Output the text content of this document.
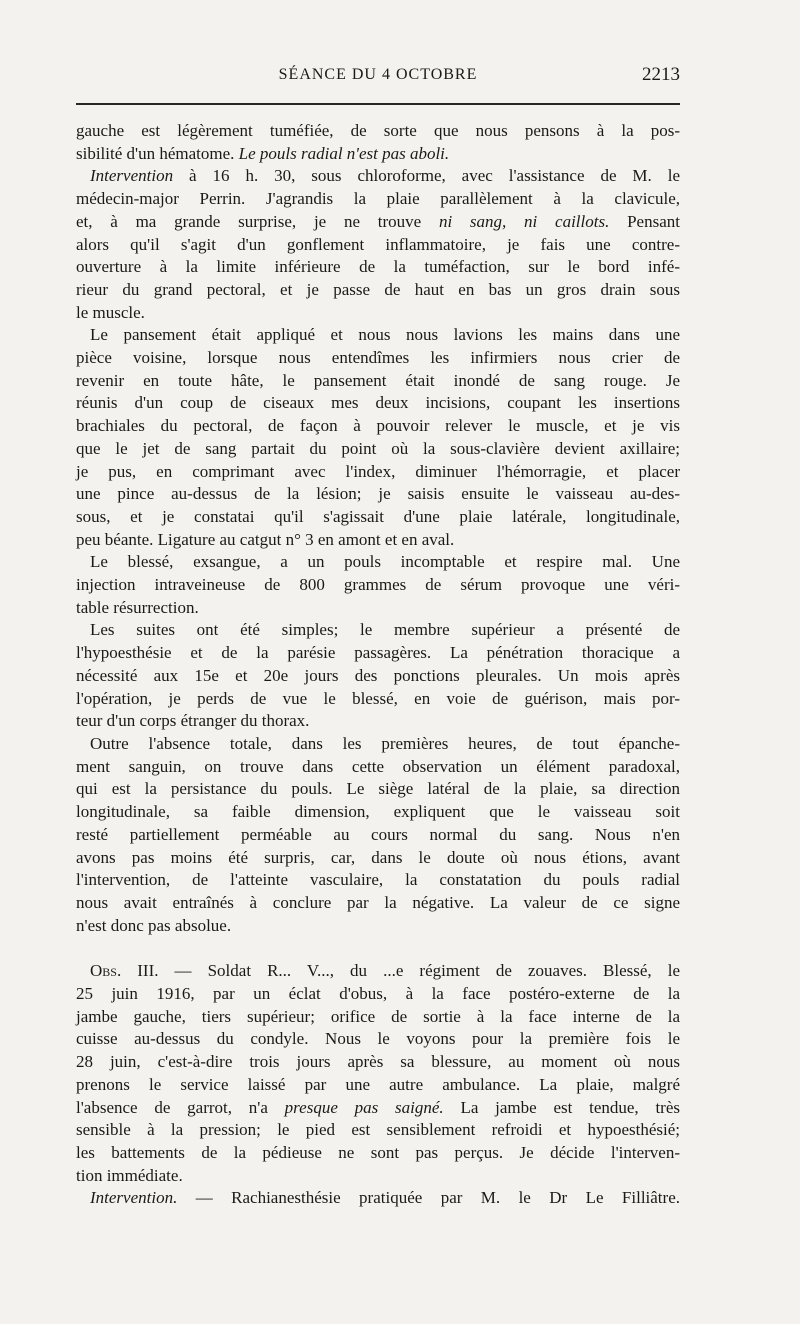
SÉANCE DU 4 OCTOBRE	2213

gauche est légèrement tuméfiée, de sorte que nous pensons à la pos-
sibilité d'un hématome. Le pouls radial n'est pas aboli.

Intervention à 16 h. 30, sous chloroforme, avec l'assistance de M. le
médecin-major Perrin. J'agrandis la plaie parallèlement à la clavicule,
et, à ma grande surprise, je ne trouve ni sang, ni caillots. Pensant
alors qu'il s'agit d'un gonflement inflammatoire, je fais une contre-
ouverture à la limite inférieure de la tuméfaction, sur le bord infé-
rieur du grand pectoral, et je passe de haut en bas un gros drain sous
le muscle.

Le pansement était appliqué et nous nous lavions les mains dans une
pièce voisine, lorsque nous entendîmes les infirmiers nous crier de
revenir en toute hâte, le pansement était inondé de sang rouge. Je
réunis d'un coup de ciseaux mes deux incisions, coupant les insertions
brachiales du pectoral, de façon à pouvoir relever le muscle, et je vis
que le jet de sang partait du point où la sous-clavière devient axillaire;
je pus, en comprimant avec l'index, diminuer l'hémorragie, et placer
une pince au-dessus de la lésion; je saisis ensuite le vaisseau au-des-
sous, et je constatai qu'il s'agissait d'une plaie latérale, longitudinale,
peu béante. Ligature au catgut n° 3 en amont et en aval.

Le blessé, exsangue, a un pouls incomptable et respire mal. Une
injection intraveineuse de 800 grammes de sérum provoque une véri-
table résurrection.

Les suites ont été simples; le membre supérieur a présenté de
l'hypoesthésie et de la parésie passagères. La pénétration thoracique a
nécessité aux 15e et 20e jours des ponctions pleurales. Un mois après
l'opération, je perds de vue le blessé, en voie de guérison, mais por-
teur d'un corps étranger du thorax.

Outre l'absence totale, dans les premières heures, de tout épanche-
ment sanguin, on trouve dans cette observation un élément paradoxal,
qui est la persistance du pouls. Le siège latéral de la plaie, sa direction
longitudinale, sa faible dimension, expliquent que le vaisseau soit
resté partiellement perméable au cours normal du sang. Nous n'en
avons pas moins été surpris, car, dans le doute où nous étions, avant
l'intervention, de l'atteinte vasculaire, la constatation du pouls radial
nous avait entraînés à conclure par la négative. La valeur de ce signe
n'est donc pas absolue.

Obs. III. — Soldat R... V..., du ...e régiment de zouaves. Blessé, le
25 juin 1916, par un éclat d'obus, à la face postéro-externe de la
jambe gauche, tiers supérieur; orifice de sortie à la face interne de la
cuisse au-dessus du condyle. Nous le voyons pour la première fois le
28 juin, c'est-à-dire trois jours après sa blessure, au moment où nous
prenons le service laissé par une autre ambulance. La plaie, malgré
l'absence de garrot, n'a presque pas saigné. La jambe est tendue, très
sensible à la pression; le pied est sensiblement refroidi et hypoesthésié;
les battements de la pédieuse ne sont pas perçus. Je décide l'interven-
tion immédiate.

Intervention. — Rachianesthésie pratiquée par M. le Dr Le Filliâtre.
